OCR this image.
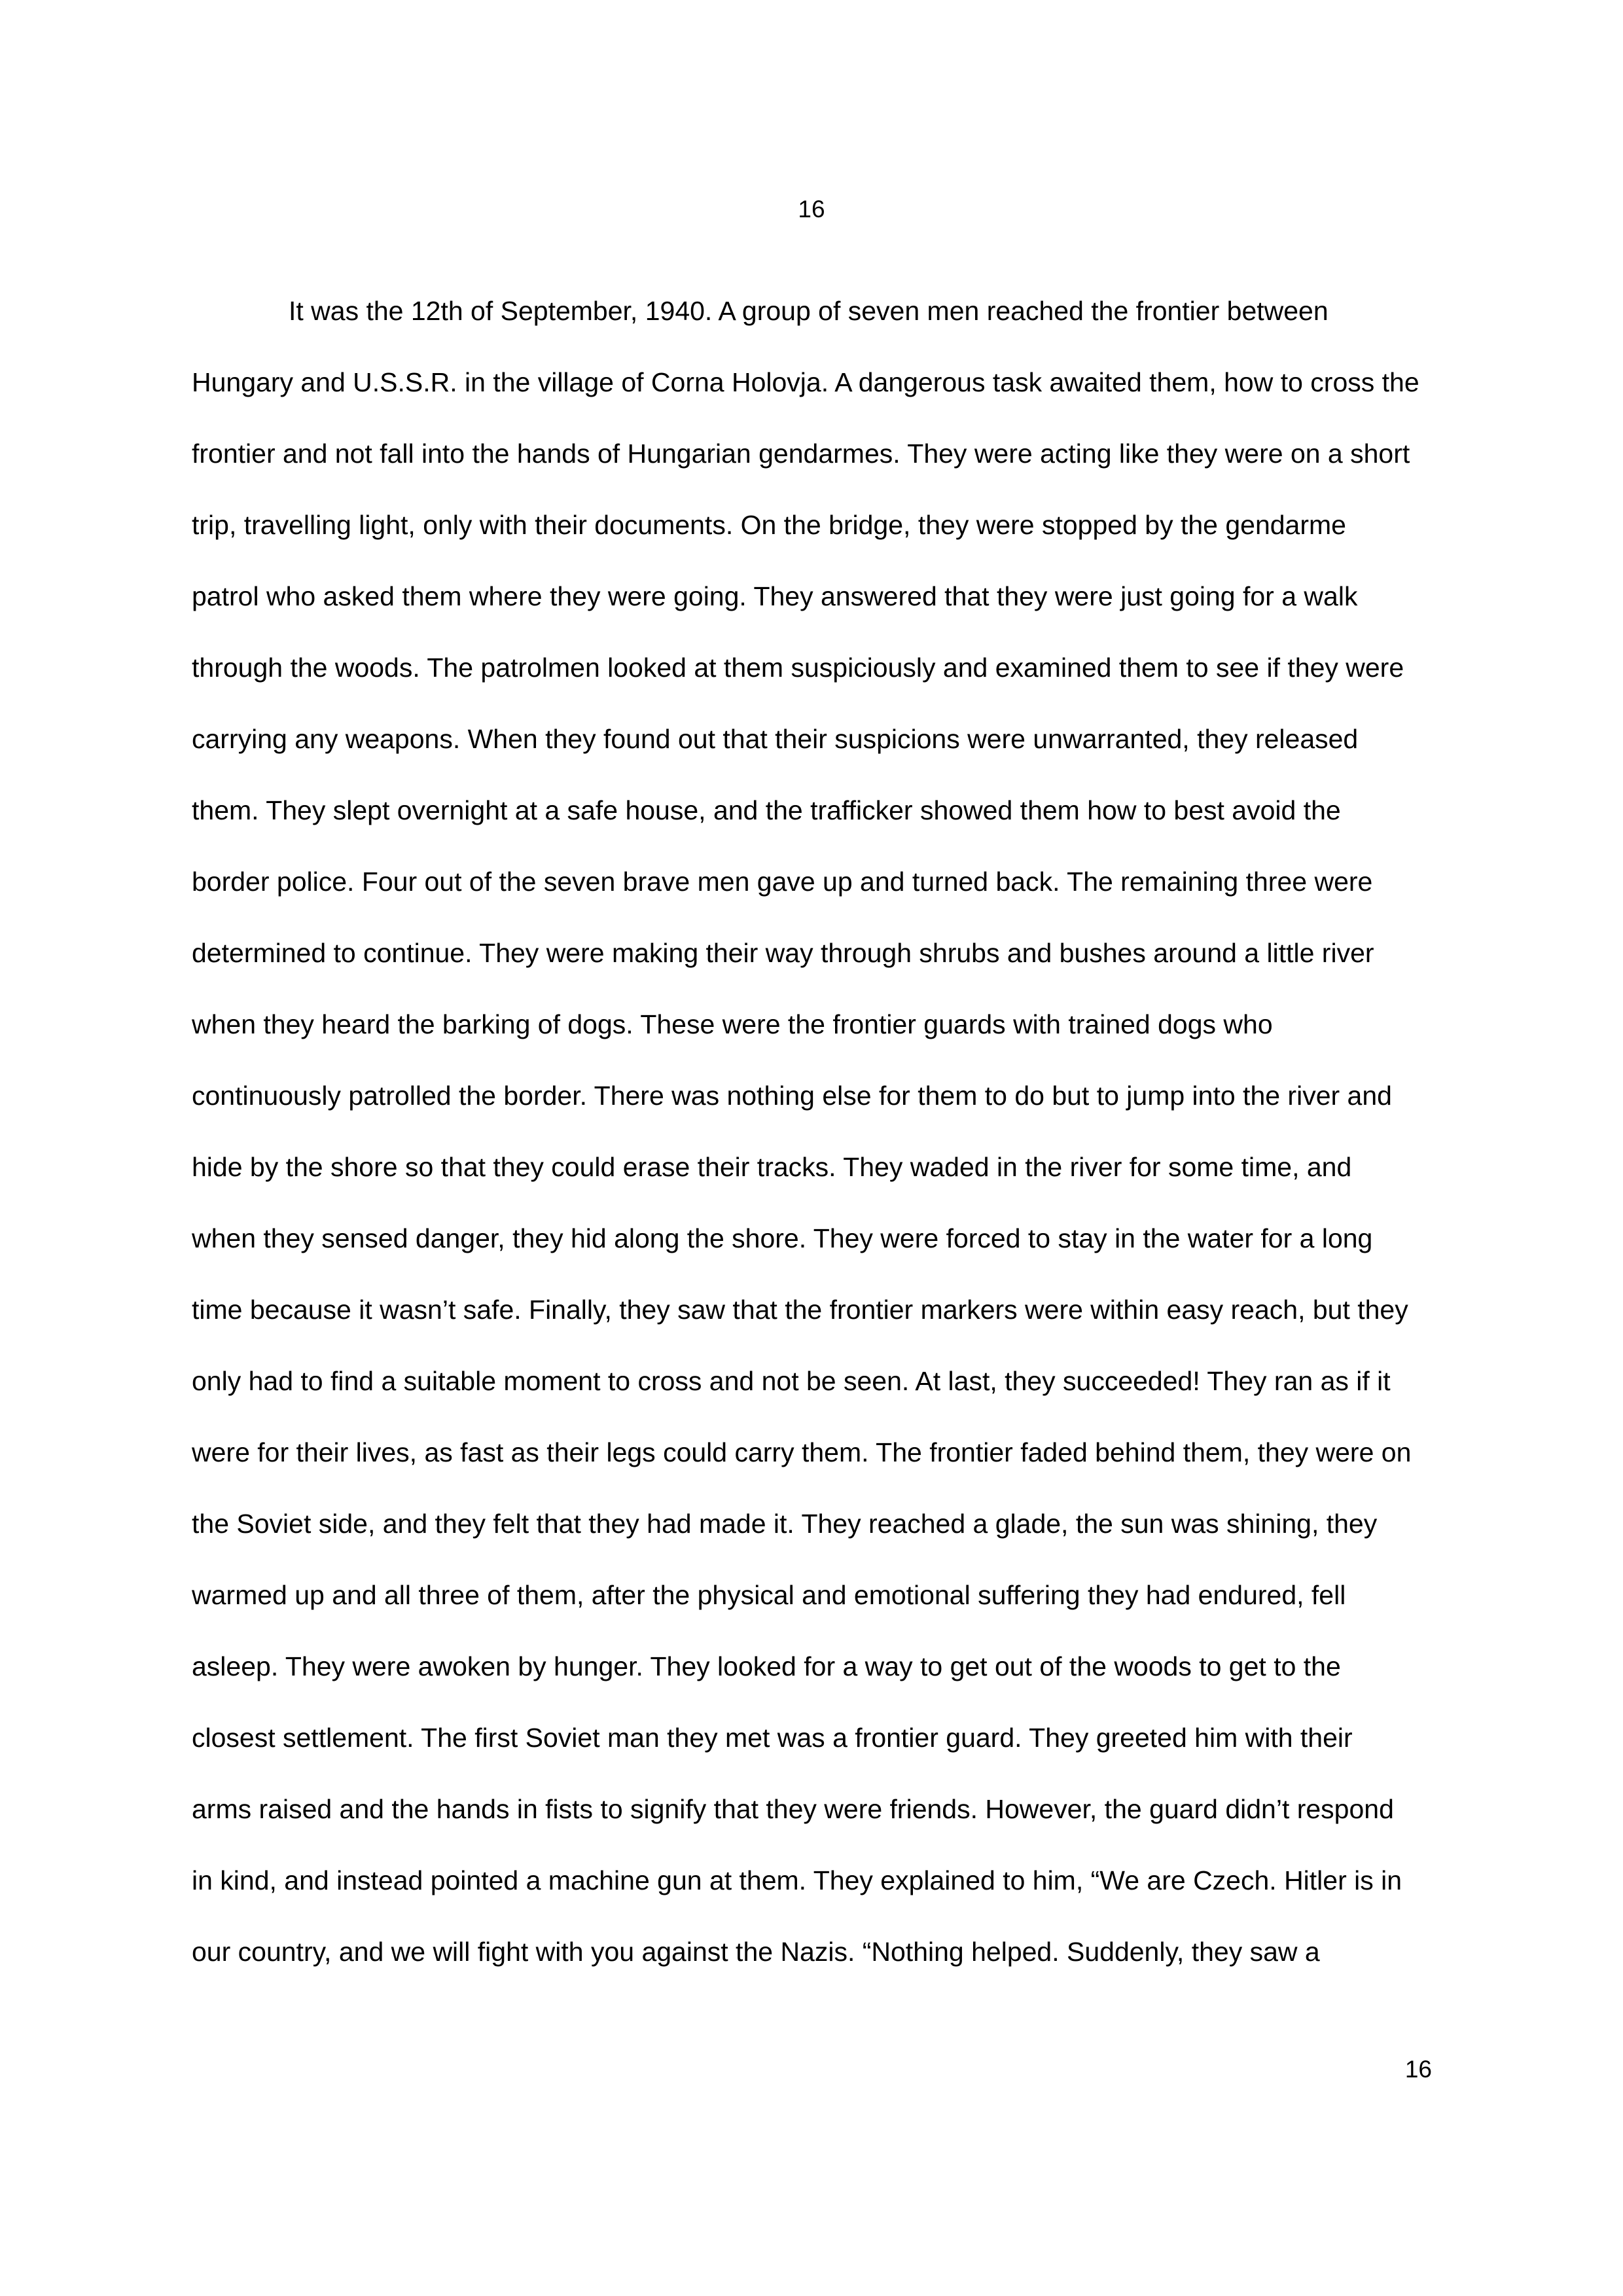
16
It was the 12th of September, 1940. A group of seven men reached the frontier between
Hungary and U.S.S.R. in the village of Corna Holovja. A dangerous task awaited them, how to cross the
frontier and not fall into the hands of Hungarian gendarmes. They were acting like they were on a short
trip, travelling light, only with their documents. On the bridge, they were stopped by the gendarme
patrol who asked them where they were going. They answered that they were just going for a walk
through the woods. The patrolmen looked at them suspiciously and examined them to see if they were
carrying any weapons. When they found out that their suspicions were unwarranted, they released
them. They slept overnight at a safe house, and the trafficker showed them how to best avoid the
border police. Four out of the seven brave men gave up and turned back. The remaining three were
determined to continue. They were making their way through shrubs and bushes around a little river
when they heard the barking of dogs. These were the frontier guards with trained dogs who
continuously patrolled the border. There was nothing else for them to do but to jump into the river and
hide by the shore so that they could erase their tracks. They waded in the river for some time, and
when they sensed danger, they hid along the shore. They were forced to stay in the water for a long
time because it wasn’t safe. Finally, they saw that the frontier markers were within easy reach, but they
only had to find a suitable moment to cross and not be seen. At last, they succeeded! They ran as if it
were for their lives, as fast as their legs could carry them. The frontier faded behind them, they were on
the Soviet side, and they felt that they had made it. They reached a glade, the sun was shining, they
warmed up and all three of them, after the physical and emotional suffering they had endured, fell
asleep. They were awoken by hunger. They looked for a way to get out of the woods to get to the
closest settlement. The first Soviet man they met was a frontier guard. They greeted him with their
arms raised and the hands in fists to signify that they were friends. However, the guard didn’t respond
in kind, and instead pointed a machine gun at them. They explained to him, “We are Czech. Hitler is in
our country, and we will fight with you against the Nazis. “Nothing helped. Suddenly, they saw a
16
